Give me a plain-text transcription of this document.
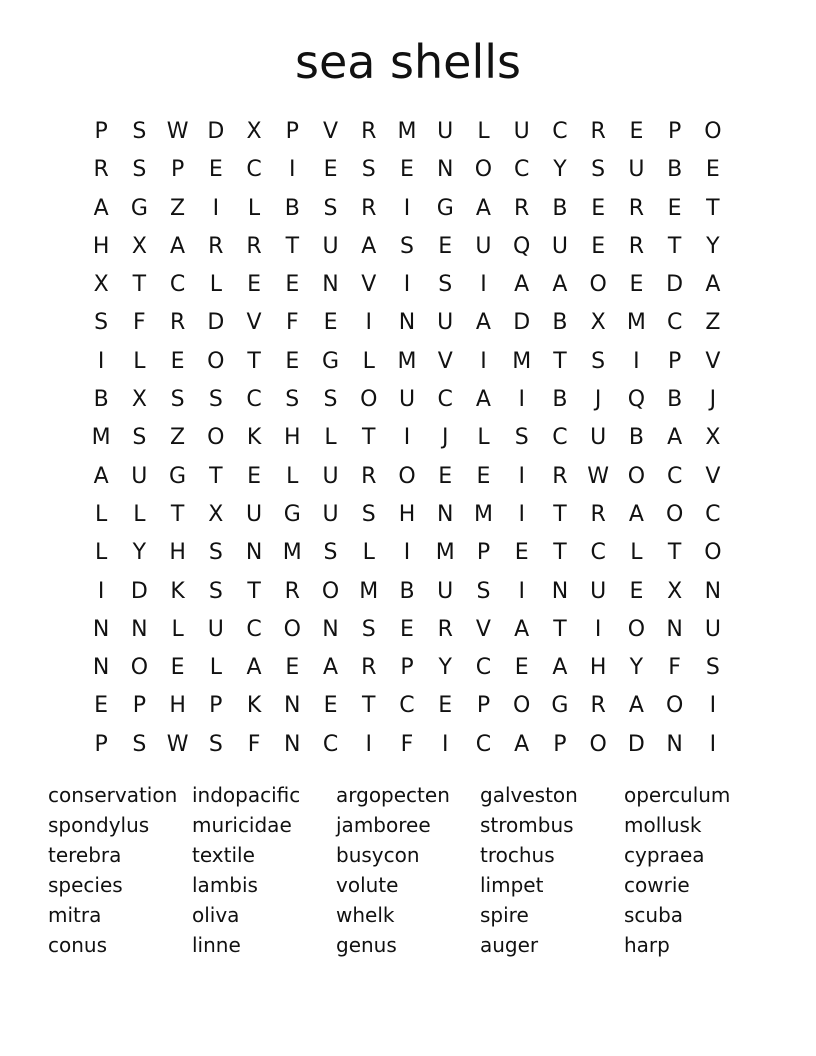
sea shells
P	S W D	X	P	V	R M U	L	U	C	R	E	P	O
R	S	P	E	C	I	E	S	E	N O C	Y	S	U	B	E
A	G	Z	I	L	B	S	R	I	G	A	R	B	E	R	E	T
H	X	A	R	R	T	U	A	S	E	U Q U	E	R	T	Y
X	T	C	L	E	E	N	V	I	S	I	A	A	O	E	D	A
S	F	R	D	V	F	E	I	N U	A	D	B	X M C	Z
I	L	E	O	T	E	G	L	M V	I	M	T	S	I	P	V
B	X	S	S	C	S	S	O U	C	A	I	B	J	Q	B	J
M S	Z	O	K	H	L	T	I	J	L	S	C	U	B	A	X
A	U G	T	E	L	U	R O	E	E	I	R W O C	V
L	L	T	X	U G U	S	H N M	I	T	R	A	O C
L	Y	H	S	N M S	L	I	M	P	E	T	C	L	T	O
I	D	K	S	T	R O M B	U	S	I	N U	E	X	N
N N	L	U	C O N	S	E	R	V	A	T	I	O N U
N O	E	L	A	E	A	R	P	Y	C	E	A	H	Y	F	S
E	P	H	P	K	N	E	T	C	E	P	O G	R	A	O	I
P	S W S	F	N	C	I	F	I	C	A	P	O D N	I
conservation
spondylus
terebra
species
mitra
conus
indopacific
muricidae
textile
lambis
oliva
linne
argopecten
jamboree
busycon
volute
whelk
genus
galveston
strombus
trochus
limpet
spire
auger
operculum
mollusk
cypraea
cowrie
scuba
harp
